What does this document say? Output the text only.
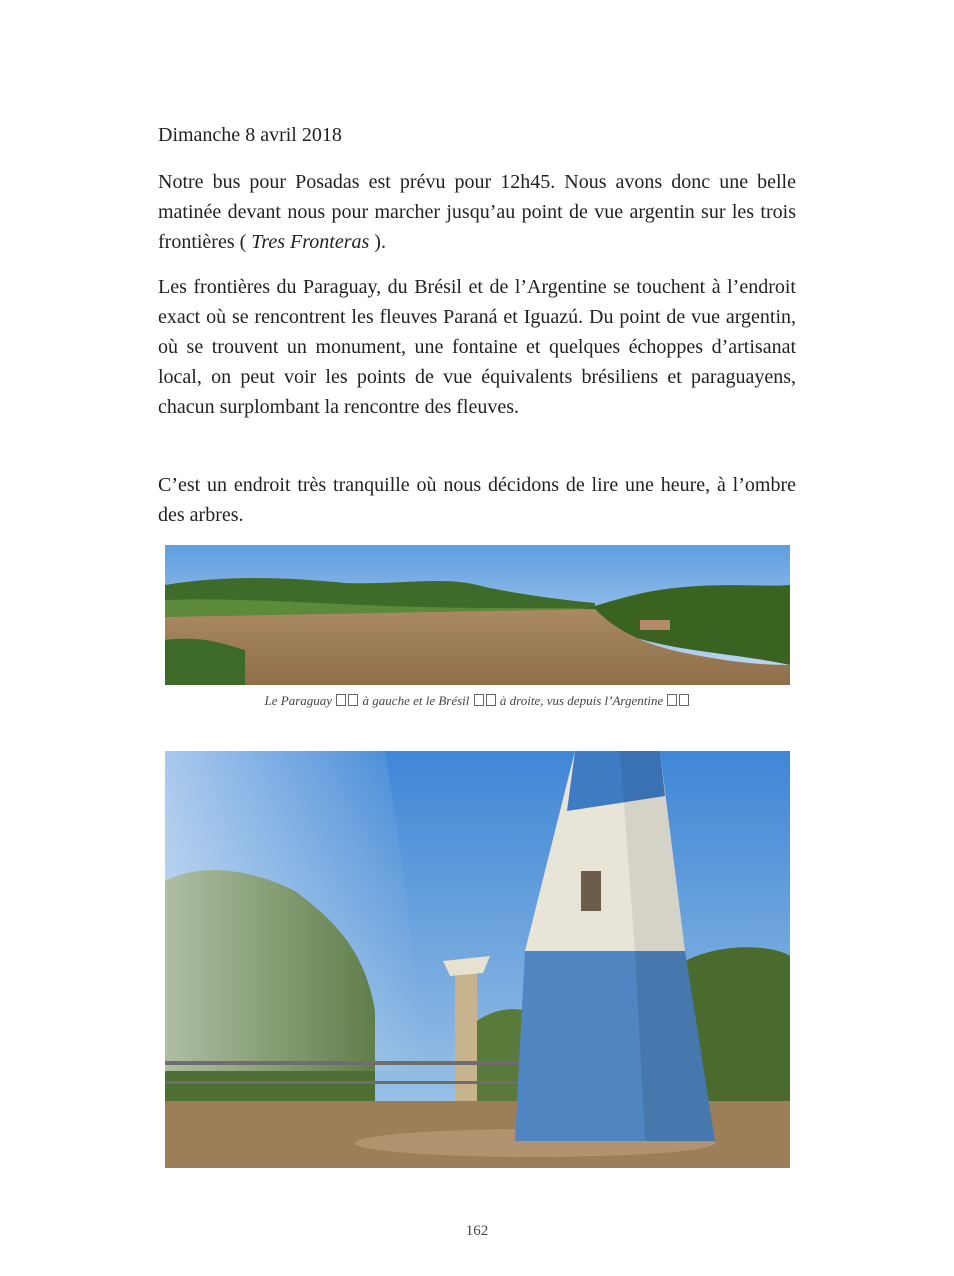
Dimanche 8 avril 2018

Notre bus pour Posadas est prévu pour 12h45. Nous avons donc une belle matinée devant nous pour marcher jusqu’au point de vue argentin sur les trois frontières ( Tres Fronteras ).

Les frontières du Paraguay, du Brésil et de l’Argentine se touchent à l’endroit exact où se rencontrent les fleuves Paraná et Iguazú. Du point de vue argentin, où se trouvent un monument, une fontaine et quelques échoppes d’artisanat local, on peut voir les points de vue équivalents brésiliens et paraguayens, chacun surplombant la rencontre des fleuves.

C’est un endroit très tranquille où nous décidons de lire une heure, à l’ombre des arbres.

Le Paraguay  à gauche et le Brésil  à droite, vus depuis l’Argentine
162
